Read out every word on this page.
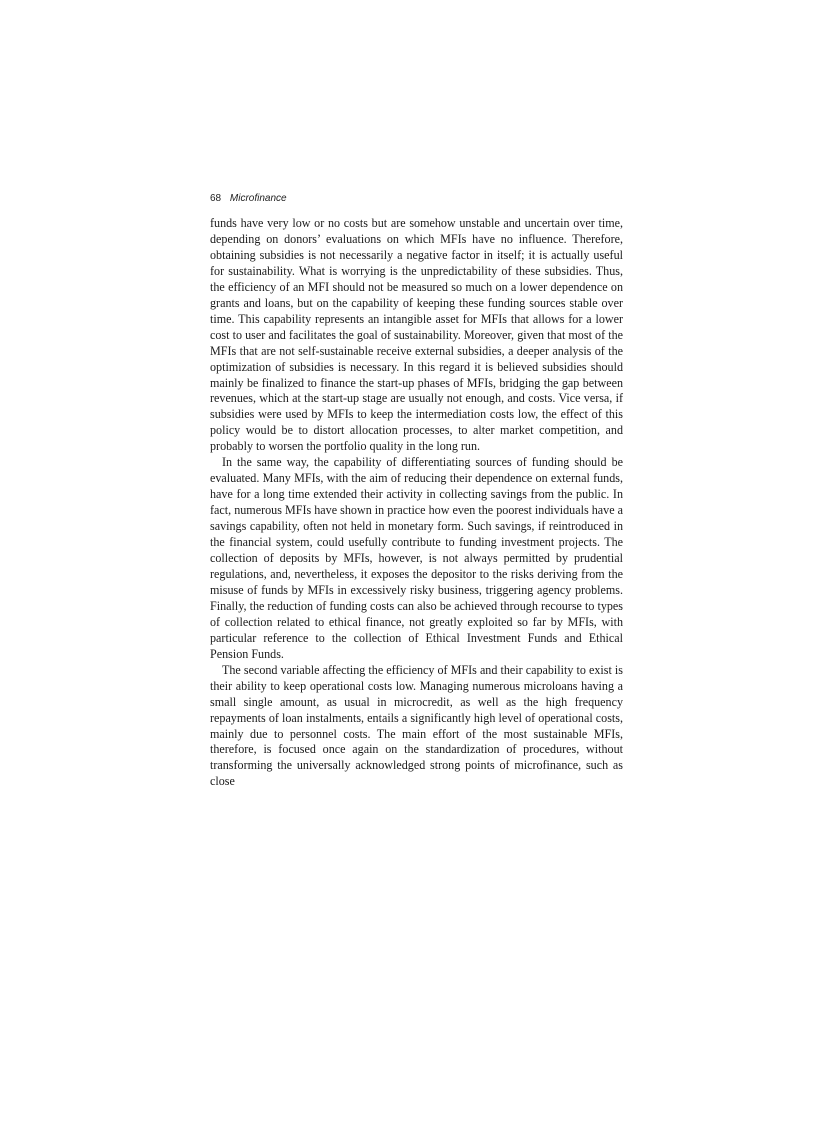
68 Microfinance

funds have very low or no costs but are somehow unstable and uncertain over time, depending on donors’ evaluations on which MFIs have no influence. Therefore, obtaining subsidies is not necessarily a negative factor in itself; it is actually useful for sustainability. What is worrying is the unpredictability of these subsidies. Thus, the efficiency of an MFI should not be measured so much on a lower dependence on grants and loans, but on the capability of keeping these funding sources stable over time. This capability represents an intangible asset for MFIs that allows for a lower cost to user and facilitates the goal of sustainability. Moreover, given that most of the MFIs that are not self-sustainable receive external subsidies, a deeper analysis of the optimization of subsidies is necessary. In this regard it is believed subsidies should mainly be finalized to finance the start-up phases of MFIs, bridging the gap between revenues, which at the start-up stage are usually not enough, and costs. Vice versa, if subsidies were used by MFIs to keep the intermediation costs low, the effect of this policy would be to distort allocation processes, to alter market competition, and probably to worsen the portfolio quality in the long run.

In the same way, the capability of differentiating sources of funding should be evaluated. Many MFIs, with the aim of reducing their dependence on external funds, have for a long time extended their activity in collecting savings from the public. In fact, numerous MFIs have shown in practice how even the poorest individuals have a savings capability, often not held in monetary form. Such savings, if reintroduced in the financial system, could usefully contribute to funding investment projects. The collection of deposits by MFIs, however, is not always permitted by prudential regulations, and, nevertheless, it exposes the depositor to the risks deriving from the misuse of funds by MFIs in excessively risky business, triggering agency problems. Finally, the reduction of funding costs can also be achieved through recourse to types of collection related to ethical finance, not greatly exploited so far by MFIs, with particular reference to the collection of Ethical Investment Funds and Ethical Pension Funds.

The second variable affecting the efficiency of MFIs and their capability to exist is their ability to keep operational costs low. Managing numerous microloans having a small single amount, as usual in microcredit, as well as the high frequency repayments of loan instalments, entails a significantly high level of operational costs, mainly due to personnel costs. The main effort of the most sustainable MFIs, therefore, is focused once again on the standardization of procedures, without transforming the universally acknowledged strong points of microfinance, such as close
